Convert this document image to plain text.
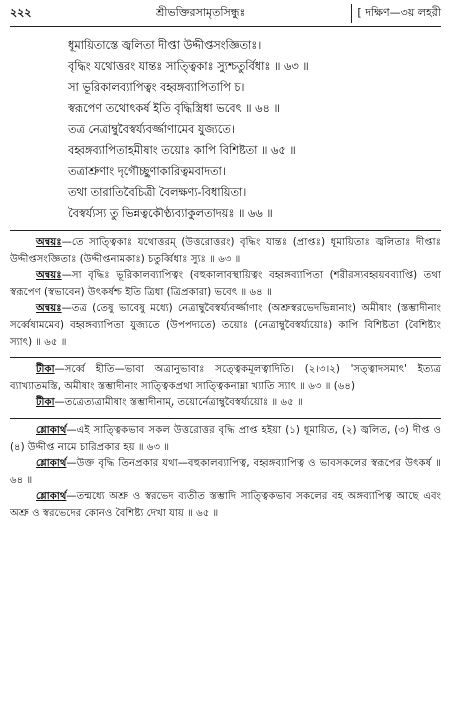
২২২	শ্রীভক্তিরসামৃতসিন্ধুঃ	[ দক্ষিণ—৩য় লহরী
ধূমায়িতাস্তে জ্বলিতা দীপ্তা উদ্দীপ্তসংজ্ঞিতাঃ।
বৃদ্ধিং যথোত্তরং যান্তঃ সাত্ত্বিকাঃ স্যুশ্চতুর্বিধাঃ ॥ ৬৩ ॥
সা ভূরিকালব্যাপিত্বং বহ্বঙ্গব্যাপিতাপি চ।
স্বরূপেণ তথোৎকর্ষ ইতি বৃদ্ধিস্ত্রিধা ভবেৎ ॥ ৬৪ ॥
তত্র নেত্রাম্বুবৈস্বর্য্যবর্জ্জাণামেব যুজ্যতে।
বহ্বঙ্গব্যাপিতাহমীষাং তয়োঃ কাপি বিশিষ্টতা ॥ ৬৫ ॥
তত্রাশ্রুণাং দৃগৌচ্ছুণাকারিত্বমবাদতা।
তথা তারাতিবৈচিত্রী বৈলক্ষণ্য-বিধায়িতা।
বৈস্বর্য্যস্য তু ভিন্নত্বকৌণ্ঠ্যব্যাকুলতাদয়ঃ ॥ ৬৬ ॥

অন্বয়ঃ—তে সাত্ত্বিকাঃ যথোত্তরম্ (উত্তরোত্তরং) বৃদ্ধিং যান্তঃ (প্রাপ্তঃ) ধূমায়িতাঃ জ্বলিতাঃ দীপ্তাঃ উদ্দীপ্তসংজ্ঞিতাঃ (উদ্দীপ্তনামকাঃ) চতুর্ব্বিধাঃ স্যুঃ ॥ ৬৩ ॥

অন্বয়ঃ—সা বৃদ্ধিঃ ভূরিকালব্যাপিত্বং (বহুকালাবস্থায়িত্বং বহ্বঙ্গব্যাপিতা (শরীরস্যবহ্বয়বব্যাপ্তি) তথা স্বরূপেণ (স্বভাবেন) উৎকর্ষশ্চ ইতি ত্রিধা (ত্রিপ্রকারা) ভবেৎ ॥ ৬৪ ॥

অন্বয়ঃ—তত্র (তেষু ভাবেষু মধ্যে) নেত্রাম্বুবৈস্বর্য্যবর্জ্জাণাং (অশ্রুস্বরভেদভিন্নানাং) অমীষাং (স্তম্ভাদীনাং সর্ব্বেষামমেব) বহ্বঙ্গব্যাপিতা যুজ্যতে (উপপদ্যতে) তয়োঃ (নেত্রাম্বুবৈস্বর্য্যয়োঃ) কাপি বিশিষ্টতা (বৈশিষ্ট্যং স্যাৎ) ॥ ৬৫ ॥

টীকা—সর্ব্বে হীতি—ভাবা অত্রানুভাবাঃ সত্ত্বেকমূলত্বাদিতি। (২।৩।২) 'সত্ত্বাদসমাৎ' ইত্যত্র ব্যাখ্যাতমস্তি, অমীষাং স্তম্ভাদীনাং সাত্ত্বিকপ্রথা সাত্ত্বিকনাম্না খ্যাতি স্যাৎ ॥ ৬৩ ॥ (৬৪)

টীকা—তত্রেত্যত্রামীষাং স্তম্ভাদীনাম্, তয়োর্নেত্রাম্বুবৈস্বর্য্যয়োঃ ॥ ৬৫ ॥

শ্লোকার্থ—এই সাত্ত্বিকভাব সকল উত্তরোত্তর বৃদ্ধি প্রাপ্ত হইয়া (১) ধূমায়িত, (২) জ্বলিত, (৩) দীপ্ত ও (৪) উদ্দীপ্ত নামে চারিপ্রকার হয় ॥ ৬৩ ॥

শ্লোকার্থ—উক্ত বৃদ্ধি তিনপ্রকার যথা—বহুকালব্যাপিত্ব, বহ্বঙ্গব্যাপিত্ব ও ভাবসকলের স্বরূপের উৎকর্ষ ॥ ৬৪ ॥

শ্লোকার্থ—তন্মধ্যে অশ্রু ও স্বরভেদ ব্যতীত স্তম্ভাদি সাত্ত্বিকভাব সকলের বহ অঙ্গব্যাপিত্ব আছে এবং অশ্রু ও স্বরভেদের কোনও বৈশিষ্ট্য দেখা যায় ॥ ৬৫ ॥
